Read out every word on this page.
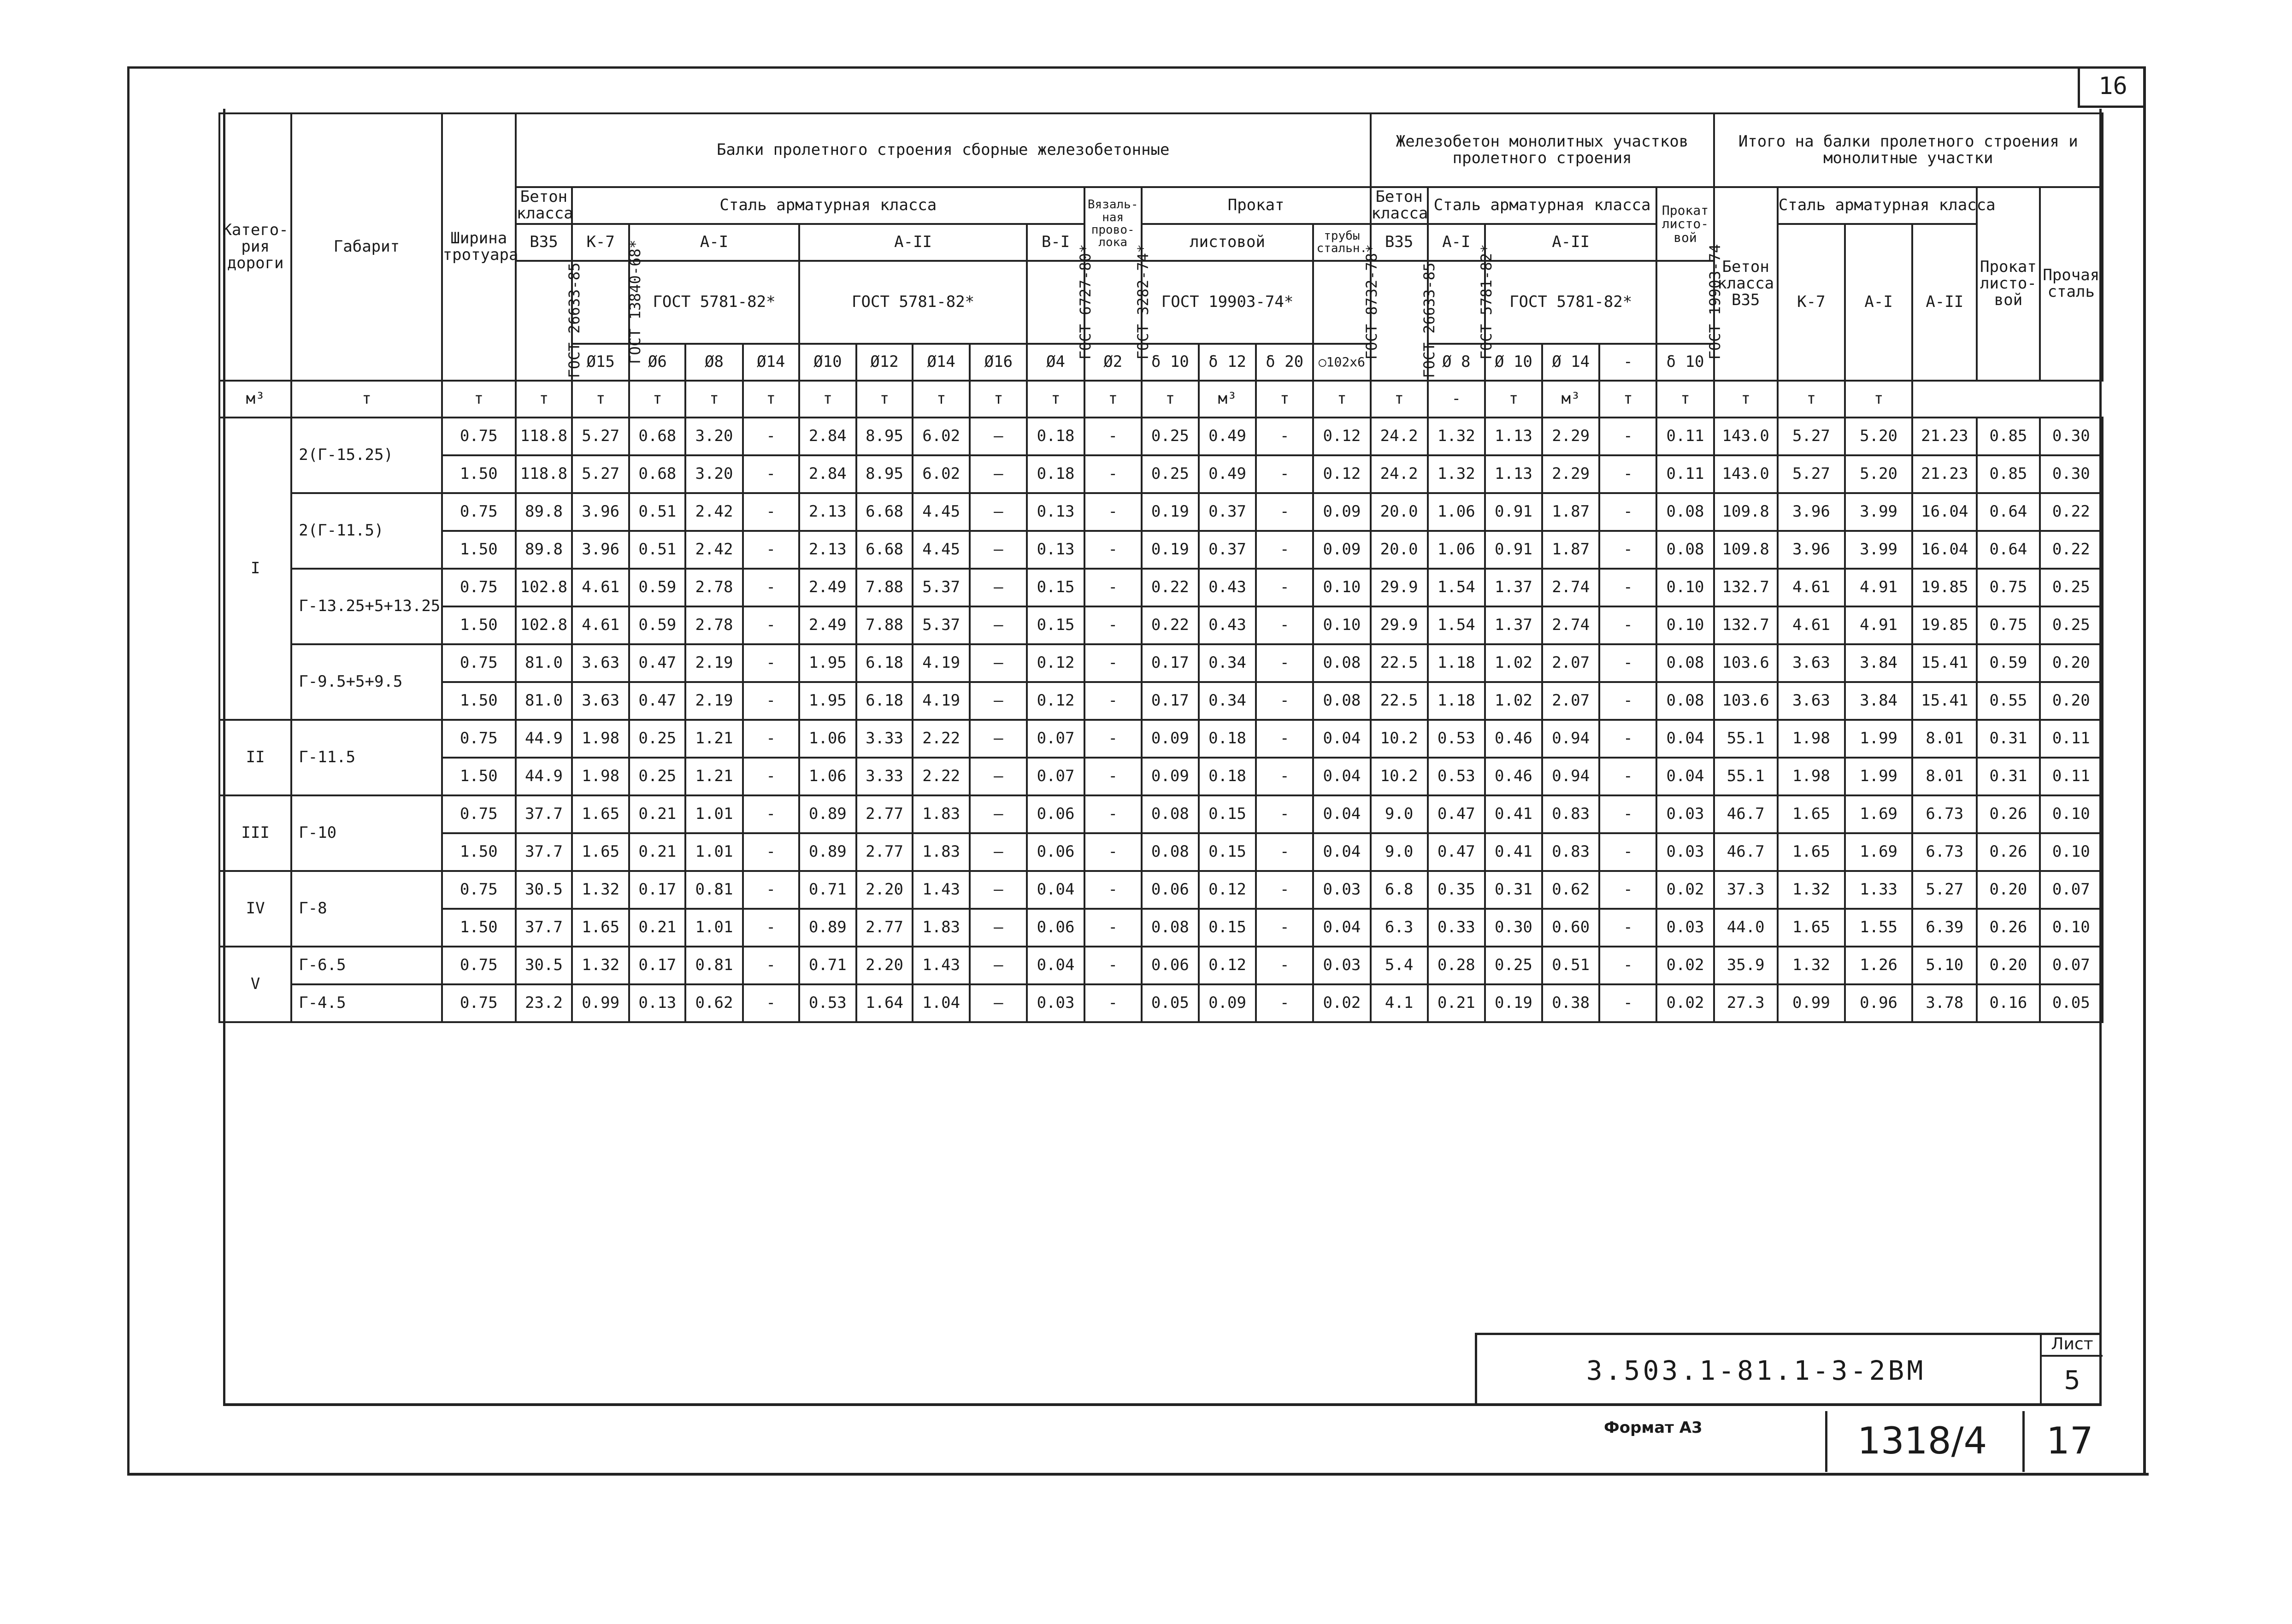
16
Катего-рия дороги	Габарит	Ширина тротуара	Балки пролетного строения сборные железобетонные															Железобетон монолитных участков пролетного строения						Итого на балки пролетного строения и монолитные участки					
			Бетон класса	Сталь арматурная класса									Вязаль-ная прово-лока	Прокат				Бетон класса	Сталь арматурная класса				Прокат листо-вой	Бетон класса В35	Сталь арматурная класса			Прокат листо-вой	Прочая сталь
			В35	К-7	А-I			А-II				В-I		листовой			трубы стальн.	В35	А-I	А-II					К-7	А-I	А-II		
			ГОСТ 26633-85	ГОСТ 13840-68*	ГОСТ 5781-82*			ГОСТ 5781-82*				ГОСТ 6727-80*	ГОСТ 3282-74*	ГОСТ 19903-74*			ГОСТ 8732-78*	ГОСТ 26633-85	ГОСТ 5781-82*	ГОСТ 5781-82*			ГОСТ 19903-74						
				Ø15	Ø6	Ø8	Ø14	Ø10	Ø12	Ø14	Ø16	Ø4	Ø2	δ 10	δ 12	δ 20	○102х6		Ø 8	Ø 10	Ø 14	-	δ 10						
м³	т	т	т	т	т	т	т	т	т	т	т	т	т	т	м³	т	т	т	-	т	м³	т	т	т	т	т			
I	2(Г-15.25)	0.75	118.8	5.27	0.68	3.20	-	2.84	8.95	6.02	–	0.18	-	0.25	0.49	-	0.12	24.2	1.32	1.13	2.29	-	0.11	143.0	5.27	5.20	21.23	0.85	0.30
		1.50	118.8	5.27	0.68	3.20	-	2.84	8.95	6.02	–	0.18	-	0.25	0.49	-	0.12	24.2	1.32	1.13	2.29	-	0.11	143.0	5.27	5.20	21.23	0.85	0.30
	2(Г-11.5)	0.75	89.8	3.96	0.51	2.42	-	2.13	6.68	4.45	–	0.13	-	0.19	0.37	-	0.09	20.0	1.06	0.91	1.87	-	0.08	109.8	3.96	3.99	16.04	0.64	0.22
		1.50	89.8	3.96	0.51	2.42	-	2.13	6.68	4.45	–	0.13	-	0.19	0.37	-	0.09	20.0	1.06	0.91	1.87	-	0.08	109.8	3.96	3.99	16.04	0.64	0.22
	Г-13.25+5+13.25	0.75	102.8	4.61	0.59	2.78	-	2.49	7.88	5.37	–	0.15	-	0.22	0.43	-	0.10	29.9	1.54	1.37	2.74	-	0.10	132.7	4.61	4.91	19.85	0.75	0.25
		1.50	102.8	4.61	0.59	2.78	-	2.49	7.88	5.37	–	0.15	-	0.22	0.43	-	0.10	29.9	1.54	1.37	2.74	-	0.10	132.7	4.61	4.91	19.85	0.75	0.25
	Г-9.5+5+9.5	0.75	81.0	3.63	0.47	2.19	-	1.95	6.18	4.19	–	0.12	-	0.17	0.34	-	0.08	22.5	1.18	1.02	2.07	-	0.08	103.6	3.63	3.84	15.41	0.59	0.20
		1.50	81.0	3.63	0.47	2.19	-	1.95	6.18	4.19	–	0.12	-	0.17	0.34	-	0.08	22.5	1.18	1.02	2.07	-	0.08	103.6	3.63	3.84	15.41	0.55	0.20
II	Г-11.5	0.75	44.9	1.98	0.25	1.21	-	1.06	3.33	2.22	–	0.07	-	0.09	0.18	-	0.04	10.2	0.53	0.46	0.94	-	0.04	55.1	1.98	1.99	8.01	0.31	0.11
		1.50	44.9	1.98	0.25	1.21	-	1.06	3.33	2.22	–	0.07	-	0.09	0.18	-	0.04	10.2	0.53	0.46	0.94	-	0.04	55.1	1.98	1.99	8.01	0.31	0.11
III	Г-10	0.75	37.7	1.65	0.21	1.01	-	0.89	2.77	1.83	–	0.06	-	0.08	0.15	-	0.04	9.0	0.47	0.41	0.83	-	0.03	46.7	1.65	1.69	6.73	0.26	0.10
		1.50	37.7	1.65	0.21	1.01	-	0.89	2.77	1.83	–	0.06	-	0.08	0.15	-	0.04	9.0	0.47	0.41	0.83	-	0.03	46.7	1.65	1.69	6.73	0.26	0.10
IV	Г-8	0.75	30.5	1.32	0.17	0.81	-	0.71	2.20	1.43	–	0.04	-	0.06	0.12	-	0.03	6.8	0.35	0.31	0.62	-	0.02	37.3	1.32	1.33	5.27	0.20	0.07
		1.50	37.7	1.65	0.21	1.01	-	0.89	2.77	1.83	–	0.06	-	0.08	0.15	-	0.04	6.3	0.33	0.30	0.60	-	0.03	44.0	1.65	1.55	6.39	0.26	0.10
V	Г-6.5	0.75	30.5	1.32	0.17	0.81	-	0.71	2.20	1.43	–	0.04	-	0.06	0.12	-	0.03	5.4	0.28	0.25	0.51	-	0.02	35.9	1.32	1.26	5.10	0.20	0.07
	Г-4.5	0.75	23.2	0.99	0.13	0.62	-	0.53	1.64	1.04	–	0.03	-	0.05	0.09	-	0.02	4.1	0.21	0.19	0.38	-	0.02	27.3	0.99	0.96	3.78	0.16	0.05
3.503.1-81.1-3-2ВМ
Лист
5
Формат А3	1318/4 17
